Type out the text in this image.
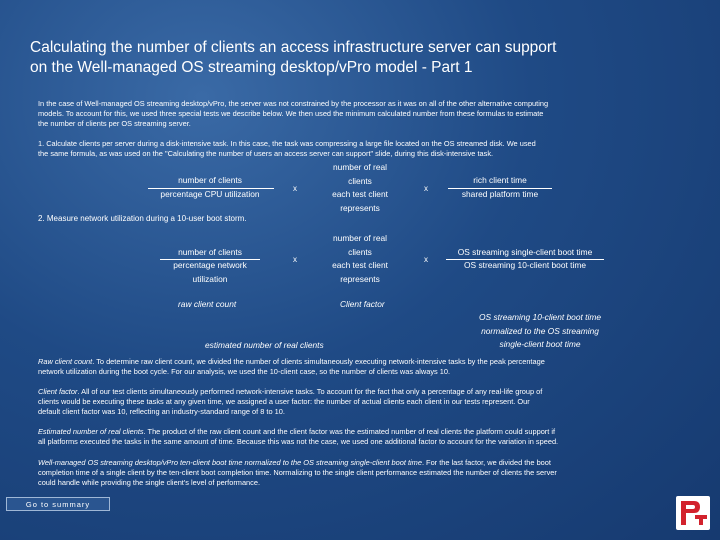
Calculating the number of clients an access infrastructure server can support
on the Well-managed OS streaming desktop/vPro model - Part 1
In the case of Well-managed OS streaming desktop/vPro, the server was not constrained by the processor as it was on all of the other alternative computing
models. To account for this, we used three special tests we describe below. We then used the minimum calculated number from these formulas to estimate
the number of clients per OS streaming server.
1. Calculate clients per server during a disk-intensive task. In this case, the task was compressing a large file located on the OS streamed disk. We used
the same formula, as was used on the "Calculating the number of users an access server can support" slide, during this disk-intensive task.
number of clients
percentage CPU utilization
x
number of real
clients
each test client
represents
x
rich client time
shared platform time
2. Measure network utilization during a 10-user boot storm.
number of clients
percentage network
utilization
x
number of real
clients
each test client
represents
x
OS streaming single-client boot time
OS streaming 10-client boot time
raw client count	Client factor
OS streaming 10-client boot time
normalized to the OS streaming
single-client boot time
estimated number of real clients
Raw client count. To determine raw client count, we divided the number of clients simultaneously executing network-intensive tasks by the peak percentage
network utilization during the boot cycle. For our analysis, we used the 10-client case, so the number of clients was always 10.
Client factor. All of our test clients simultaneously performed network-intensive tasks. To account for the fact that only a percentage of any real-life group of
clients would be executing these tasks at any given time, we assigned a user factor: the number of actual clients each client in our tests represent. Our
default client factor was 10, reflecting an industry-standard range of 8 to 10.
Estimated number of real clients. The product of the raw client count and the client factor was the estimated number of real clients the platform could support if
all platforms executed the tasks in the same amount of time. Because this was not the case, we used one additional factor to account for the variation in speed.
Well-managed OS streaming desktop/vPro ten-client boot time normalized to the OS streaming single-client boot time. For the last factor, we divided the boot
completion time of a single client by the ten-client boot completion time. Normalizing to the single client performance estimated the number of clients the server
could handle while providing the single client's level of performance.
Go to summary
